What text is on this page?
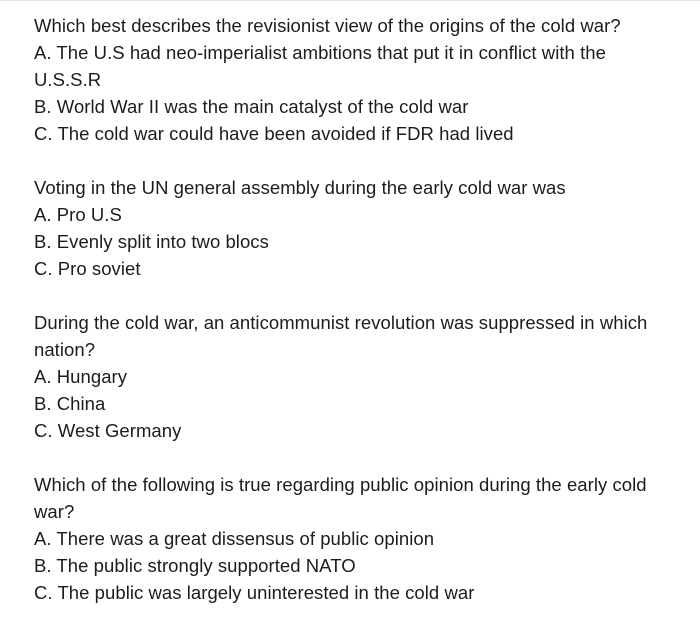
Which best describes the revisionist view of the origins of the cold war?

A. The U.S had neo-imperialist ambitions that put it in conflict with the U.S.S.R

B. World War II was the main catalyst of the cold war

C. The cold war could have been avoided if FDR had lived

Voting in the UN general assembly during the early cold war was

A. Pro U.S

B. Evenly split into two blocs

C. Pro soviet

During the cold war, an anticommunist revolution was suppressed in which nation?

A. Hungary

B. China

C. West Germany

Which of the following is true regarding public opinion during the early cold war?

A. There was a great dissensus of public opinion

B. The public strongly supported NATO

C. The public was largely uninterested in the cold war
